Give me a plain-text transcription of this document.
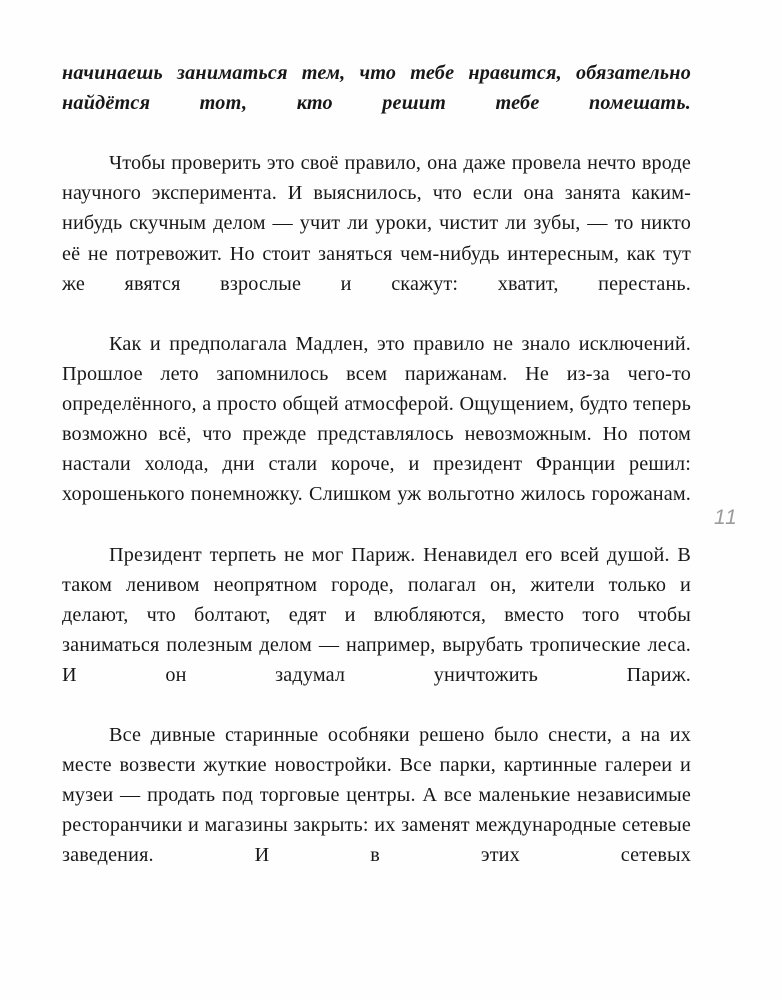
начинаешь заниматься тем, что тебе нравится, обязательно найдётся тот, кто решит тебе помешать.

Чтобы проверить это своё правило, она даже провела нечто вроде научного эксперимента. И выяснилось, что если она занята каким-нибудь скучным делом — учит ли уроки, чистит ли зубы, — то никто её не потревожит. Но стоит заняться чем-нибудь интересным, как тут же явятся взрослые и скажут: хватит, перестань.

Как и предполагала Мадлен, это правило не знало исключений. Прошлое лето запомнилось всем парижанам. Не из-за чего-то определённого, а просто общей атмосферой. Ощущением, будто теперь возможно всё, что прежде представлялось невозможным. Но потом настали холода, дни стали короче, и президент Франции решил: хорошенького понемножку. Слишком уж вольготно жилось горожанам.

Президент терпеть не мог Париж. Ненавидел его всей душой. В таком ленивом неопрятном городе, полагал он, жители только и делают, что болтают, едят и влюбляются, вместо того чтобы заниматься полезным делом — например, вырубать тропические леса. И он задумал уничтожить Париж.

Все дивные старинные особняки решено было снести, а на их месте возвести жуткие новостройки. Все парки, картинные галереи и музеи — продать под торговые центры. А все маленькие независимые ресторанчики и магазины закрыть: их заменят международные сетевые заведения. И в этих сетевых

11
